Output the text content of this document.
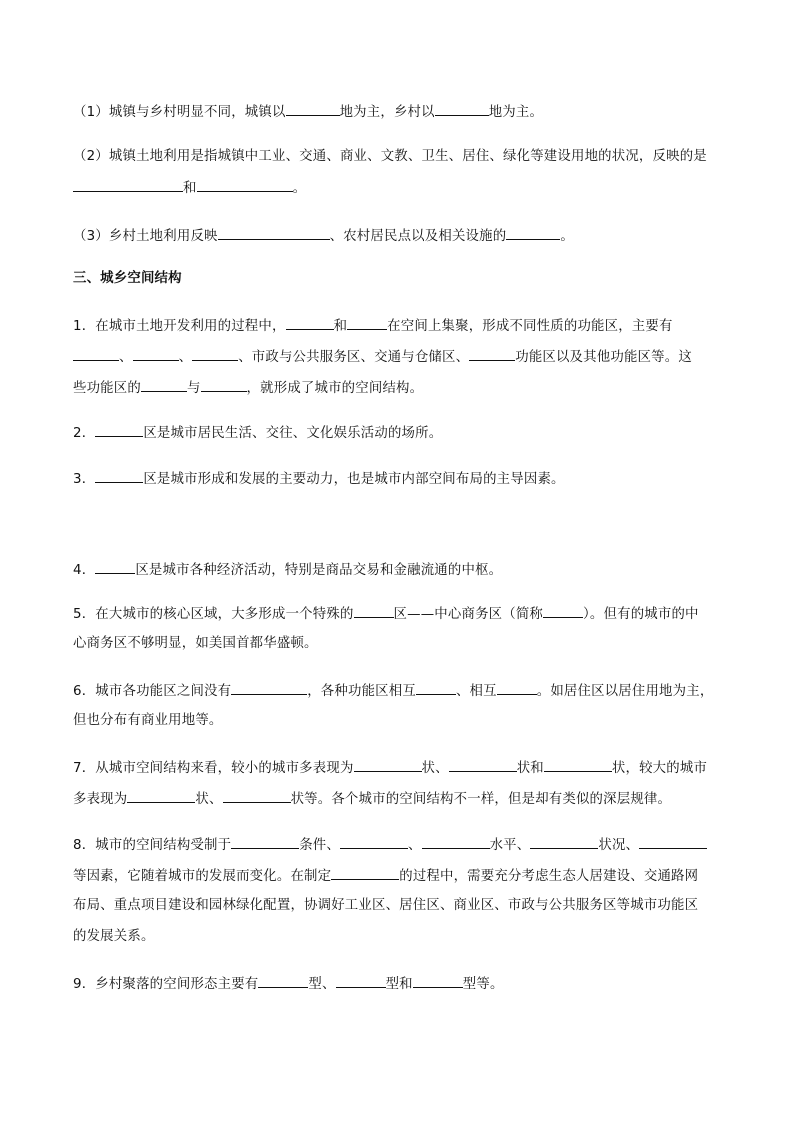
（1）城镇与乡村明显不同，城镇以	地为主，乡村以	地为主。
（2）城镇土地利用是指城镇中工业、交通、商业、文教、卫生、居住、绿化等建设用地的状况，反映的是
和	。
（3）乡村土地利用反映	、农村居民点以及相关设施的	。
三、城乡空间结构
1．在城市土地开发利用的过程中，	和	在空间上集聚，形成不同性质的功能区，主要有
、	、	、市政与公共服务区、交通与仓储区、	功能区以及其他功能区等。这
些功能区的	与	，就形成了城市的空间结构。
2．	区是城市居民生活、交往、文化娱乐活动的场所。
3．	区是城市形成和发展的主要动力，也是城市内部空间布局的主导因素。
4．	区是城市各种经济活动，特别是商品交易和金融流通的中枢。
5．在大城市的核心区域，大多形成一个特殊的	区——中心商务区（简称	）。但有的城市的中
心商务区不够明显，如美国首都华盛顿。
6．城市各功能区之间没有	，各种功能区相互	、相互	。如居住区以居住用地为主，
但也分布有商业用地等。
7．从城市空间结构来看，较小的城市多表现为	状、	状和	状，较大的城市
多表现为	状、	状等。各个城市的空间结构不一样，但是却有类似的深层规律。
8．城市的空间结构受制于	条件、	、	水平、	状况、
等因素，它随着城市的发展而变化。在制定	的过程中，需要充分考虑生态人居建设、交通路网
布局、重点项目建设和园林绿化配置，协调好工业区、居住区、商业区、市政与公共服务区等城市功能区
的发展关系。
9．乡村聚落的空间形态主要有	型、	型和	型等。
